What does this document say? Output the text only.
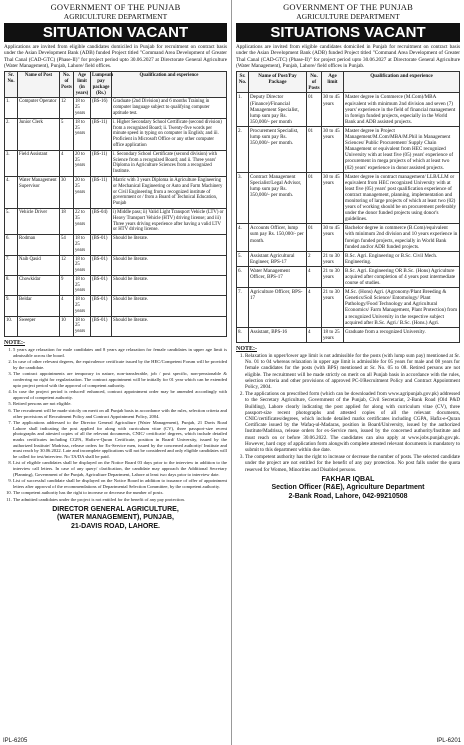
GOVERNMENT OF THE PUNJAB
AGRICULTURE DEPARTMENT
SITUATION VACANT
Applications are invited from eligible candidates domiciled in Punjab for recruitment on contract basis under the Asian Development Bank (ADB) funded Project titled "Command Area Development of Greater Thal Canal (CAD-GTC) (Phase-II)" for project period upto 30.06.2027 at Directorate General Agriculture (Water Management), Punjab, Lahore/ field offices.
Sr. No.	Name of Post	No. of Posts	Age limit (in years)	Lumpsum pay package (Rs.)	Qualification and experience
1.	Computer Operator	12	18 to 25 years	(BS-16)	Graduate (2nd Division) and 6 months Training in computer language subject to qualifying computer aptitude test.
2.	Junior Clerk	5	18 to 25 years	(BS-11)	i. Higher Secondary School Certificate (second division) from a recognized Board; ii. Twenty-five words per minute speed in typing on computer in English; and iii. Proficient in Microsoft Office or any other computer office application
3.	Field Assistant	4	20 to 25 years	(BS-11)	i. Secondary School Certificate (second division) with Science from a recognized Board; and ii. Three years' Diploma in Agriculture Sciences from a recognized Institute.
4.	Water Management Supervisor	30	20 to 25 years	(BS-11)	Matric with 3 years Diploma in Agriculture Engineering or Mechanical Engineering or Auto and Farm Machinery or Civil Engineering from a recognized institute of government or / from a Board of Technical Education, Punjab
5.	Vehicle Driver	18	22 to 35 years	(BS-04)	i) Middle pass; ii) Valid Light Transport Vehicle (LTV) or Heavy Transport Vehicle (HTV) driving license; and iii) Three years driving experience after having a valid LTV or HTV driving license.
6.	Rodman	54	18 to 25 years	(BS-01)	Should be literate.
7.	Naib Qasid	12	18 to 25 years	(BS-01)	Should be literate.
8.	Chowkidar	9	18 to 25 years	(BS-01)	Should be literate.
9.	Beldar	4	18 to 25 years	(BS-01)	Should be literate.
10.	Sweeper	10	18 to 25 years	(BS-01)	Should be literate.
NOTE:-
1. 5 years age relaxation for male candidates and 8 years age relaxation for female candidates in upper age limit is admissible across the board.
2. In case of other relevant degrees, the equivalence certificate issued by the HEC/Competent Forum will be provided by the candidate.
3. The contract appointments are temporary in nature, non-transferable, job / post specific, non-pensionable & conferring no right for regularization. The contract appointment will be initially for 01 year which can be extended upto project period with the approval of competent authority.
4. In case the project period is reduced/ enhanced, contract appointment order may be amended accordingly with approval of competent authority.
5. Retired persons are not eligible.
6. The recruitment will be made strictly on merit on all Punjab basis in accordance with the rules, selection criteria and other provisions of Recruitment Policy and Contract Appointment Policy, 2004.
7. The applications addressed to the Director General Agriculture (Water Management), Punjab, 21 Davis Road Lahore shall indicating the post applied for along with curriculum vitae (CV), three passport-size recent photographs and attested copies of all the relevant documents, CNIC/ certificate/ degrees, which include detailed marks certificates including CGPA, Hafiz-e-Quran Certificate, position in Board/ University, issued by the authorized Institute/ Madrissa, release orders for Ex-Service men, issued by the concerned authority/ Institute and must reach by 30.06.2022. Late and incomplete applications will not be considered and only eligible candidates will be called for test/interview. No TA/DA shall be paid.
8. List of eligible candidates shall be displayed on the Notice Board 03 days prior to the interview in addition to the interview call letters. In case of any query/ clarification, the candidate may approach the Additional Secretary (Planning), Government of the Punjab, Agriculture Department, Lahore at least two days prior to interview date.
9. List of successful candidate shall be displayed on the Notice Board in addition to issuance of offer of appointment letters after approval of the recommendations of Departmental Selection Committee, by the competent authority.
10. The competent authority has the right to increase or decrease the number of posts.
11. The admitted candidates under the project is not entitled for the benefit of any pay protection.
DIRECTOR GENERAL AGRICULTURE,
(WATER MANAGEMENT), PUNJAB,
21-DAVIS ROAD, LAHORE.
IPL-6205
GOVERNMENT OF THE PUNJAB
AGRICULTURE DEPARTMENT
SITUATIONS VACANT
Applications are invited from eligible candidates domiciled in Punjab for recruitment on contract basis under the Asian Development Bank (ADB) funded Project titled "Command Area Development of Greater Thal Canal (CAD-GTC) (Phase-II)" for project period upto 30.06.2027 at Directorate General Agriculture (Water Management), Punjab, Lahore/ field offices in Punjab.
Sr. No.	Name of Post/Pay Package	No. of Posts	Age limit	Qualification and experience
1.	Deputy Director (Finance)/Financial Management Specialist, lump sum pay Rs. 350,000/- per month	01	30 to 45 years	Master degree in Commerce (M.Com)/MBA equivalent with minimum 2nd division and seven (7) years' experience in the field of financial management in foreign funded projects, especially in the World Bank and ADB assisted projects.
2.	Procurement Specialist, lump sum pay Rs. 350,000/- per month.	01	30 to 45 years	Master degree in Project Management/M.Com/MBA/M.Phil in Management Sciences/ Public Procurement/ Supply Chain Management or equivalent from HEC recognized University with at least five (05) years' experience of procurement in mega projects of which at least two (02) years' experience in donor assisted projects.
3.	Contract Management Specialist/Legal Advisor, lump sum pay Rs. 350,000/- per month.	01	30 to 45 years	Master degree in contract management/ LLB/LLM or equivalent from HEC recognized University with at least five (05) years' post qualification experience of contract management, planning, implementation and monitoring of large projects of which at least two (02) years of working should be on procurement preferably under the donor funded projects using donor's guidelines.
4.	Accounts Officer, lump sum pay Rs. 150,000/- per month.	01	30 to 45 years	Bachelor degree in commerce (B.Com)/equivalent with minimum 2nd division and 10 years experience in foreign funded projects, especially in World Bank funded and/or ADB funded projects.
5.	Assistant Agricultural Engineer, BPS-17	2	21 to 30 years	B.Sc. Agri. Engineering or B.Sc. Civil Mech. Engineering.
6.	Water Management Officer, BPS-17	4	21 to 30 years	B.Sc. Agri. Engineering OR B.Sc. (Hons) Agriculture acquired after completion of 4 years post intermediate course of studies.
7.	Agriculture Officer, BPS-17	4	21 to 30 years	M.Sc. (Hons) Agri. (Agronomy/Plant Breeding & Genetics/Soil Science/ Entomology/ Plant Pathology/Food Technology and Agricultural Economics/ Farm Management, Plant Protection) from a recognized University in the respective subject acquired after B.Sc. Agri./ B.Sc. (Hons.) Agri.
8.	Assistant, BPS-16	4	18 to 25 years	Graduate from a recognized University.
NOTE:-
1. Relaxation in upper/lower age limit is not admissible for the posts (with lump sum pay) mentioned at Sr. No. 01 to 04 whereas relaxation in upper age limit is admissible for 05 years for male and 08 years for female candidates for the posts (with BPS) mentioned at Sr. No. 05 to 08. Retired persons are not eligible. The recruitment will be made strictly on merit on all Punjab basis in accordance with the rules, selection criteria and other provisions of approved PC-I/Recruitment Policy and Contract Appointment Policy, 2004.
2. The applications on prescribed form (which can be downloaded from www.agripunjab.gov.pk) addressed to the Secretary Agriculture, Government of the Punjab, Civil Secretariat, 2-Bank Road (Old P&D Building), Lahore clearly indicating the post applied for along with curriculum vitae (CV), three passport-size recent photographs and attested copies of all the relevant documents, CNIC/certificates/degrees, which include detailed marks certificates including CGPA, Hafiz-e-Quran Certificate issued by the Wafaq-ul-Madaras, position in Board/University, issued by the authorized Institute/Madrissa, release orders for ex-Service men, issued by the concerned authority/Institute and must reach on or before 30.06.2022. The candidates can also apply at www.jobs.punjab.gov.pk. However, hard copy of application form alongwith complete attested relevant documents is mandatory to submit to this department within due date.
3. The competent authority has the right to increase or decrease the number of posts. The selected candidate under the project are not entitled for the benefit of any pay protection. No post falls under the quota reserved for Women, Minorities and Disabled persons.
FAKHAR IQBAL
Section Officer (R&E), Agriculture Department
2-Bank Road, Lahore, 042-99210508
IPL-6201
